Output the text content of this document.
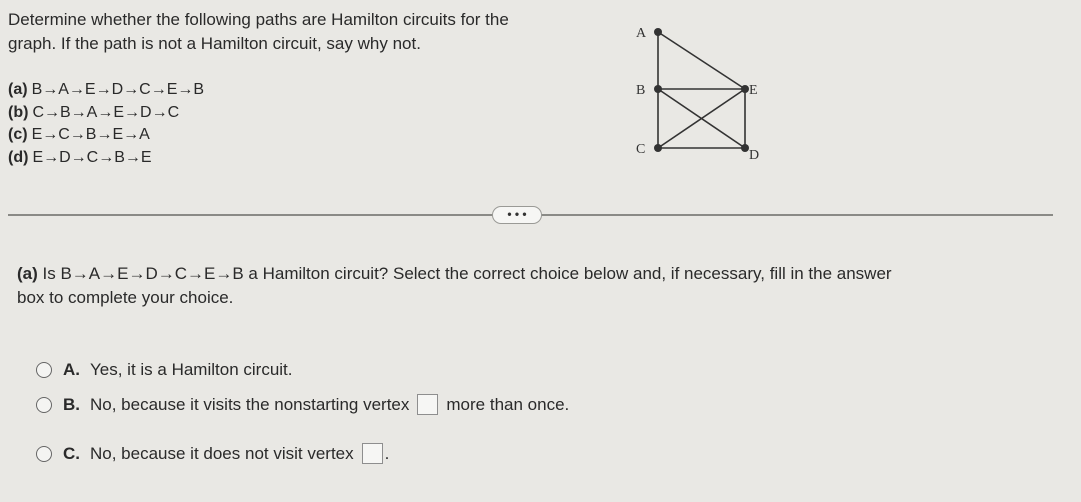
Determine whether the following paths are Hamilton circuits for the
graph. If the path is not a Hamilton circuit, say why not.
(a) B→A→E→D→C→E→B
(b) C→B→A→E→D→C
(c) E→C→B→E→A
(d) E→D→C→B→E
A
B	E
C	D
• • •
(a) Is B→A→E→D→C→E→B a Hamilton circuit? Select the correct choice below and, if necessary, fill in the answer
box to complete your choice.
A. Yes, it is a Hamilton circuit.
B. No, because it visits the nonstarting vertex more than once.
C. No, because it does not visit vertex .
